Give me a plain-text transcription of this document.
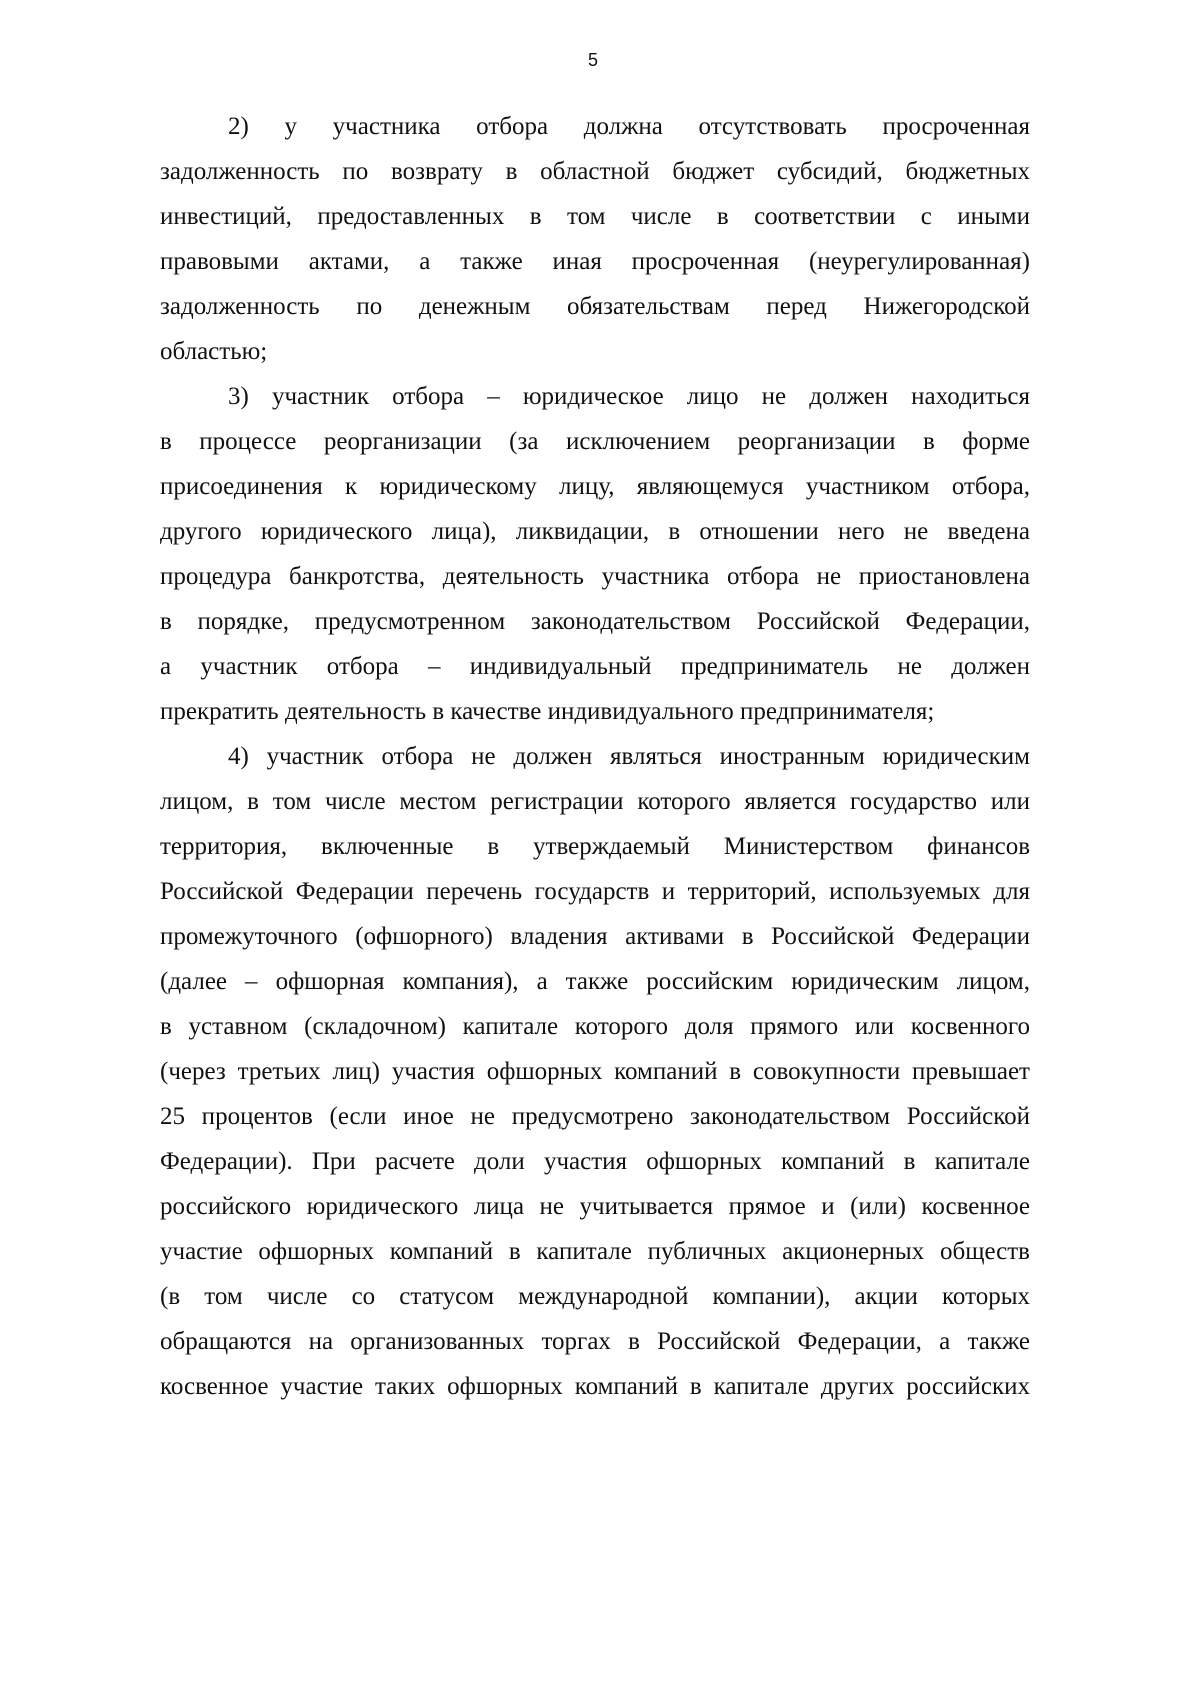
5
2) у участника отбора должна отсутствовать просроченная
задолженность по возврату в областной бюджет субсидий, бюджетных
инвестиций, предоставленных в том числе в соответствии с иными
правовыми актами, а также иная просроченная (неурегулированная)
задолженность по денежным обязательствам перед Нижегородской
областью;
3) участник отбора – юридическое лицо не должен находиться
в процессе реорганизации (за исключением реорганизации в форме
присоединения к юридическому лицу, являющемуся участником отбора,
другого юридического лица), ликвидации, в отношении него не введена
процедура банкротства, деятельность участника отбора не приостановлена
в порядке, предусмотренном законодательством Российской Федерации,
а участник отбора – индивидуальный предприниматель не должен
прекратить деятельность в качестве индивидуального предпринимателя;
4) участник отбора не должен являться иностранным юридическим
лицом, в том числе местом регистрации которого является государство или
территория, включенные в утверждаемый Министерством финансов
Российской Федерации перечень государств и территорий, используемых для
промежуточного (офшорного) владения активами в Российской Федерации
(далее – офшорная компания), а также российским юридическим лицом,
в уставном (складочном) капитале которого доля прямого или косвенного
(через третьих лиц) участия офшорных компаний в совокупности превышает
25 процентов (если иное не предусмотрено законодательством Российской
Федерации). При расчете доли участия офшорных компаний в капитале
российского юридического лица не учитывается прямое и (или) косвенное
участие офшорных компаний в капитале публичных акционерных обществ
(в том числе со статусом международной компании), акции которых
обращаются на организованных торгах в Российской Федерации, а также
косвенное участие таких офшорных компаний в капитале других российских
